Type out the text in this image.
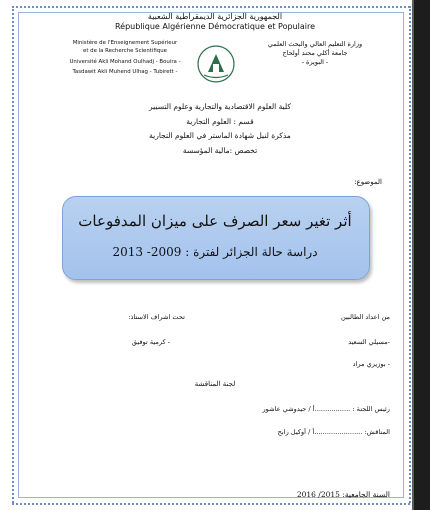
الجمهورية الجزائرية الديمقراطية الشعبية
République Algérienne Démocratique et Populaire
Ministère de l'Enseignement Supérieur
et de la Recherche Scientifique
Université Akli Mohand Oulhadj - Bouira -
Tasdawit Akli Muhend Ulhag - Tubirett -
وزارة التعليم العالي والبحث العلمي
جامعة أكلي محند أولحاج
- البويرة -
كلية العلوم الاقتصادية والتجارية وعلوم التسيير
قسم : العلوم التجارية
مذكرة لنيل شهادة الماستر في العلوم التجارية
تخصص :مالية المؤسسة
الموضوع:
أثر تغير سعر الصرف على ميزان المدفوعات
دراسة حالة الجزائر لفترة : 2009- 2013
من اعداد الطالبين
تحت اشراف الاستاذ:
-مسيلي السعيد
- بوزيري مراد
- كرمية توفيق
لجنة المناقشة
رئيس اللجنة : .................أ / حيدوشي عاشور
المناقش: .......................أ / أوكيل رابح
السنة الجامعية: 2015/ 2016
